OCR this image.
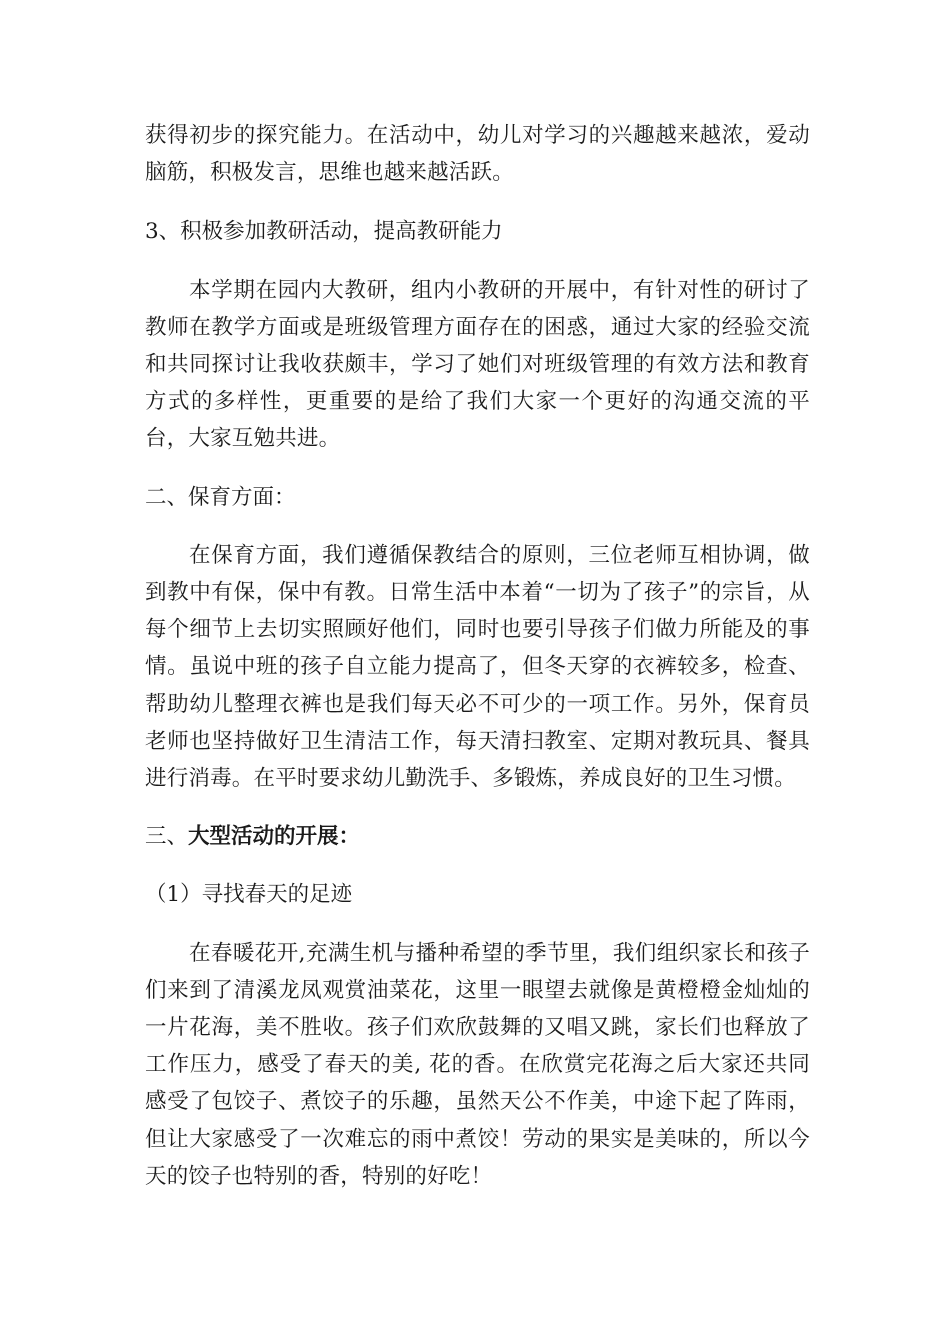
获得初步的探究能力。在活动中，幼儿对学习的兴趣越来越浓，爱动脑筋，积极发言，思维也越来越活跃。

3、积极参加教研活动，提高教研能力

本学期在园内大教研，组内小教研的开展中，有针对性的研讨了教师在教学方面或是班级管理方面存在的困惑，通过大家的经验交流和共同探讨让我收获颇丰，学习了她们对班级管理的有效方法和教育方式的多样性，更重要的是给了我们大家一个更好的沟通交流的平台，大家互勉共进。

二、保育方面：

在保育方面，我们遵循保教结合的原则，三位老师互相协调，做到教中有保，保中有教。日常生活中本着“一切为了孩子”的宗旨，从每个细节上去切实照顾好他们，同时也要引导孩子们做力所能及的事情。虽说中班的孩子自立能力提高了，但冬天穿的衣裤较多，检查、帮助幼儿整理衣裤也是我们每天必不可少的一项工作。另外，保育员老师也坚持做好卫生清洁工作，每天清扫教室、定期对教玩具、餐具进行消毒。在平时要求幼儿勤洗手、多锻炼，养成良好的卫生习惯。

三、大型活动的开展：

（1）寻找春天的足迹

在春暖花开,充满生机与播种希望的季节里，我们组织家长和孩子们来到了清溪龙凤观赏油菜花，这里一眼望去就像是黄橙橙金灿灿的一片花海，美不胜收。孩子们欢欣鼓舞的又唱又跳，家长们也释放了工作压力，感受了春天的美, 花的香。在欣赏完花海之后大家还共同感受了包饺子、煮饺子的乐趣，虽然天公不作美，中途下起了阵雨，但让大家感受了一次难忘的雨中煮饺！劳动的果实是美味的，所以今天的饺子也特别的香，特别的好吃！
